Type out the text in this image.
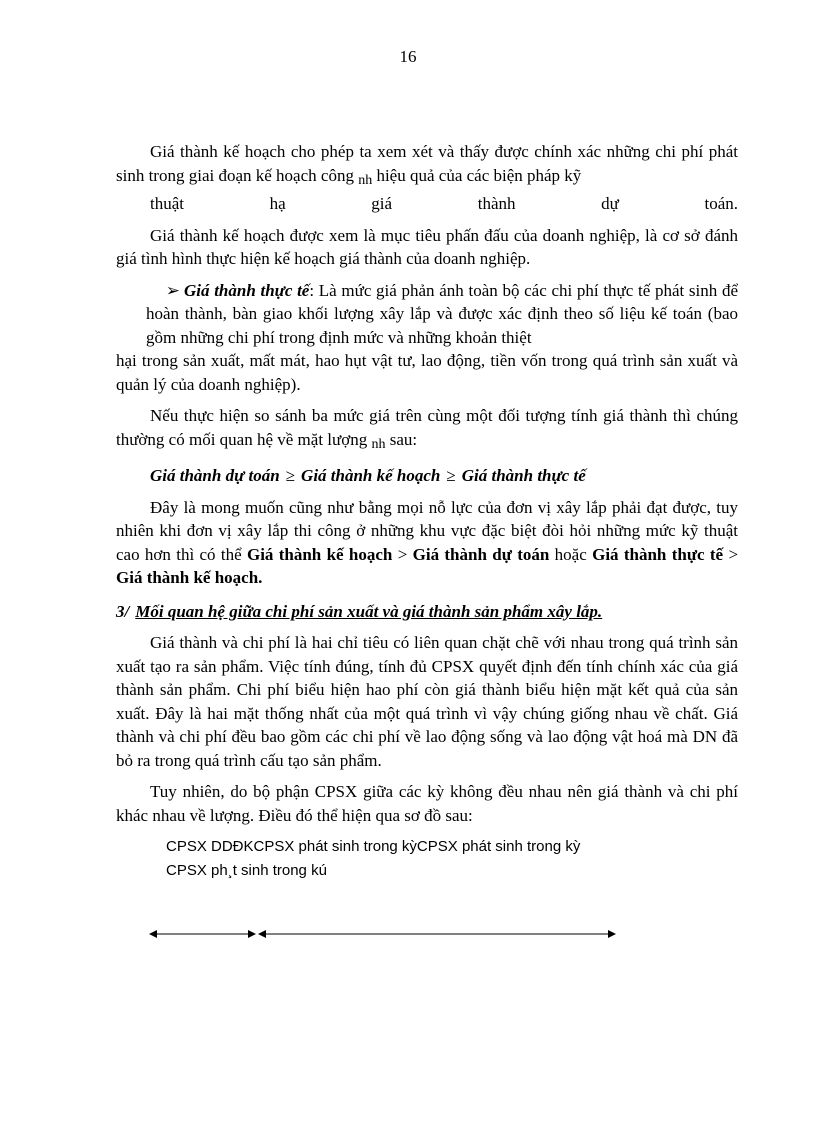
16

Giá thành kế hoạch cho phép ta xem xét và thấy được chính xác những chi phí phát sinh trong giai đoạn kế hoạch công nh hiệu quả của các biện pháp kỹ
thuật hạ giá thành dự toán.

Giá thành kế hoạch được xem là mục tiêu phấn đấu của doanh nghiệp, là cơ sở đánh giá tình hình thực hiện kế hoạch giá thành của doanh nghiệp.

➢ Giá thành thực tế: Là mức giá phản ánh toàn bộ các chi phí thực tế phát sinh để hoàn thành, bàn giao khối lượng xây lắp và được xác định theo số liệu kế toán (bao gồm những chi phí trong định mức và những khoản thiệt

hại trong sản xuất, mất mát, hao hụt vật tư, lao động, tiền vốn trong quá trình sản xuất và quản lý của doanh nghiệp).

Nếu thực hiện so sánh ba mức giá trên cùng một đối tượng tính giá thành thì chúng thường có mối quan hệ về mặt lượng nh sau:

Giá thành dự toán ≥ Giá thành kế hoạch ≥ Giá thành thực tế

Đây là mong muốn cũng như bằng mọi nỗ lực của đơn vị xây lắp phải đạt được, tuy nhiên khi đơn vị xây lắp thi công ở những khu vực đặc biệt đòi hỏi những mức kỹ thuật cao hơn thì có thể Giá thành kế hoạch > Giá thành dự toán hoặc Giá thành thực tế > Giá thành kế hoạch.

3/ Mối quan hệ giữa chi phí sản xuất và giá thành sản phẩm xây lắp.

Giá thành và chi phí là hai chỉ tiêu có liên quan chặt chẽ với nhau trong quá trình sản xuất tạo ra sản phẩm. Việc tính đúng, tính đủ CPSX quyết định đến tính chính xác của giá thành sản phẩm. Chi phí biểu hiện hao phí còn giá thành biểu hiện mặt kết quả của sản xuất. Đây là hai mặt thống nhất của một quá trình vì vậy chúng giống nhau về chất. Giá thành và chi phí đều bao gồm các chi phí về lao động sống và lao động vật hoá mà DN đã bỏ ra trong quá trình cấu tạo sản phẩm.

Tuy nhiên, do bộ phận CPSX giữa các kỳ không đều nhau nên giá thành và chi phí khác nhau về lượng. Điều đó thể hiện qua sơ đồ sau:

CPSX DDĐKCPSX phát sinh trong kỳCPSX phát sinh trong kỳ
CPSX ph¸t sinh trong kú
